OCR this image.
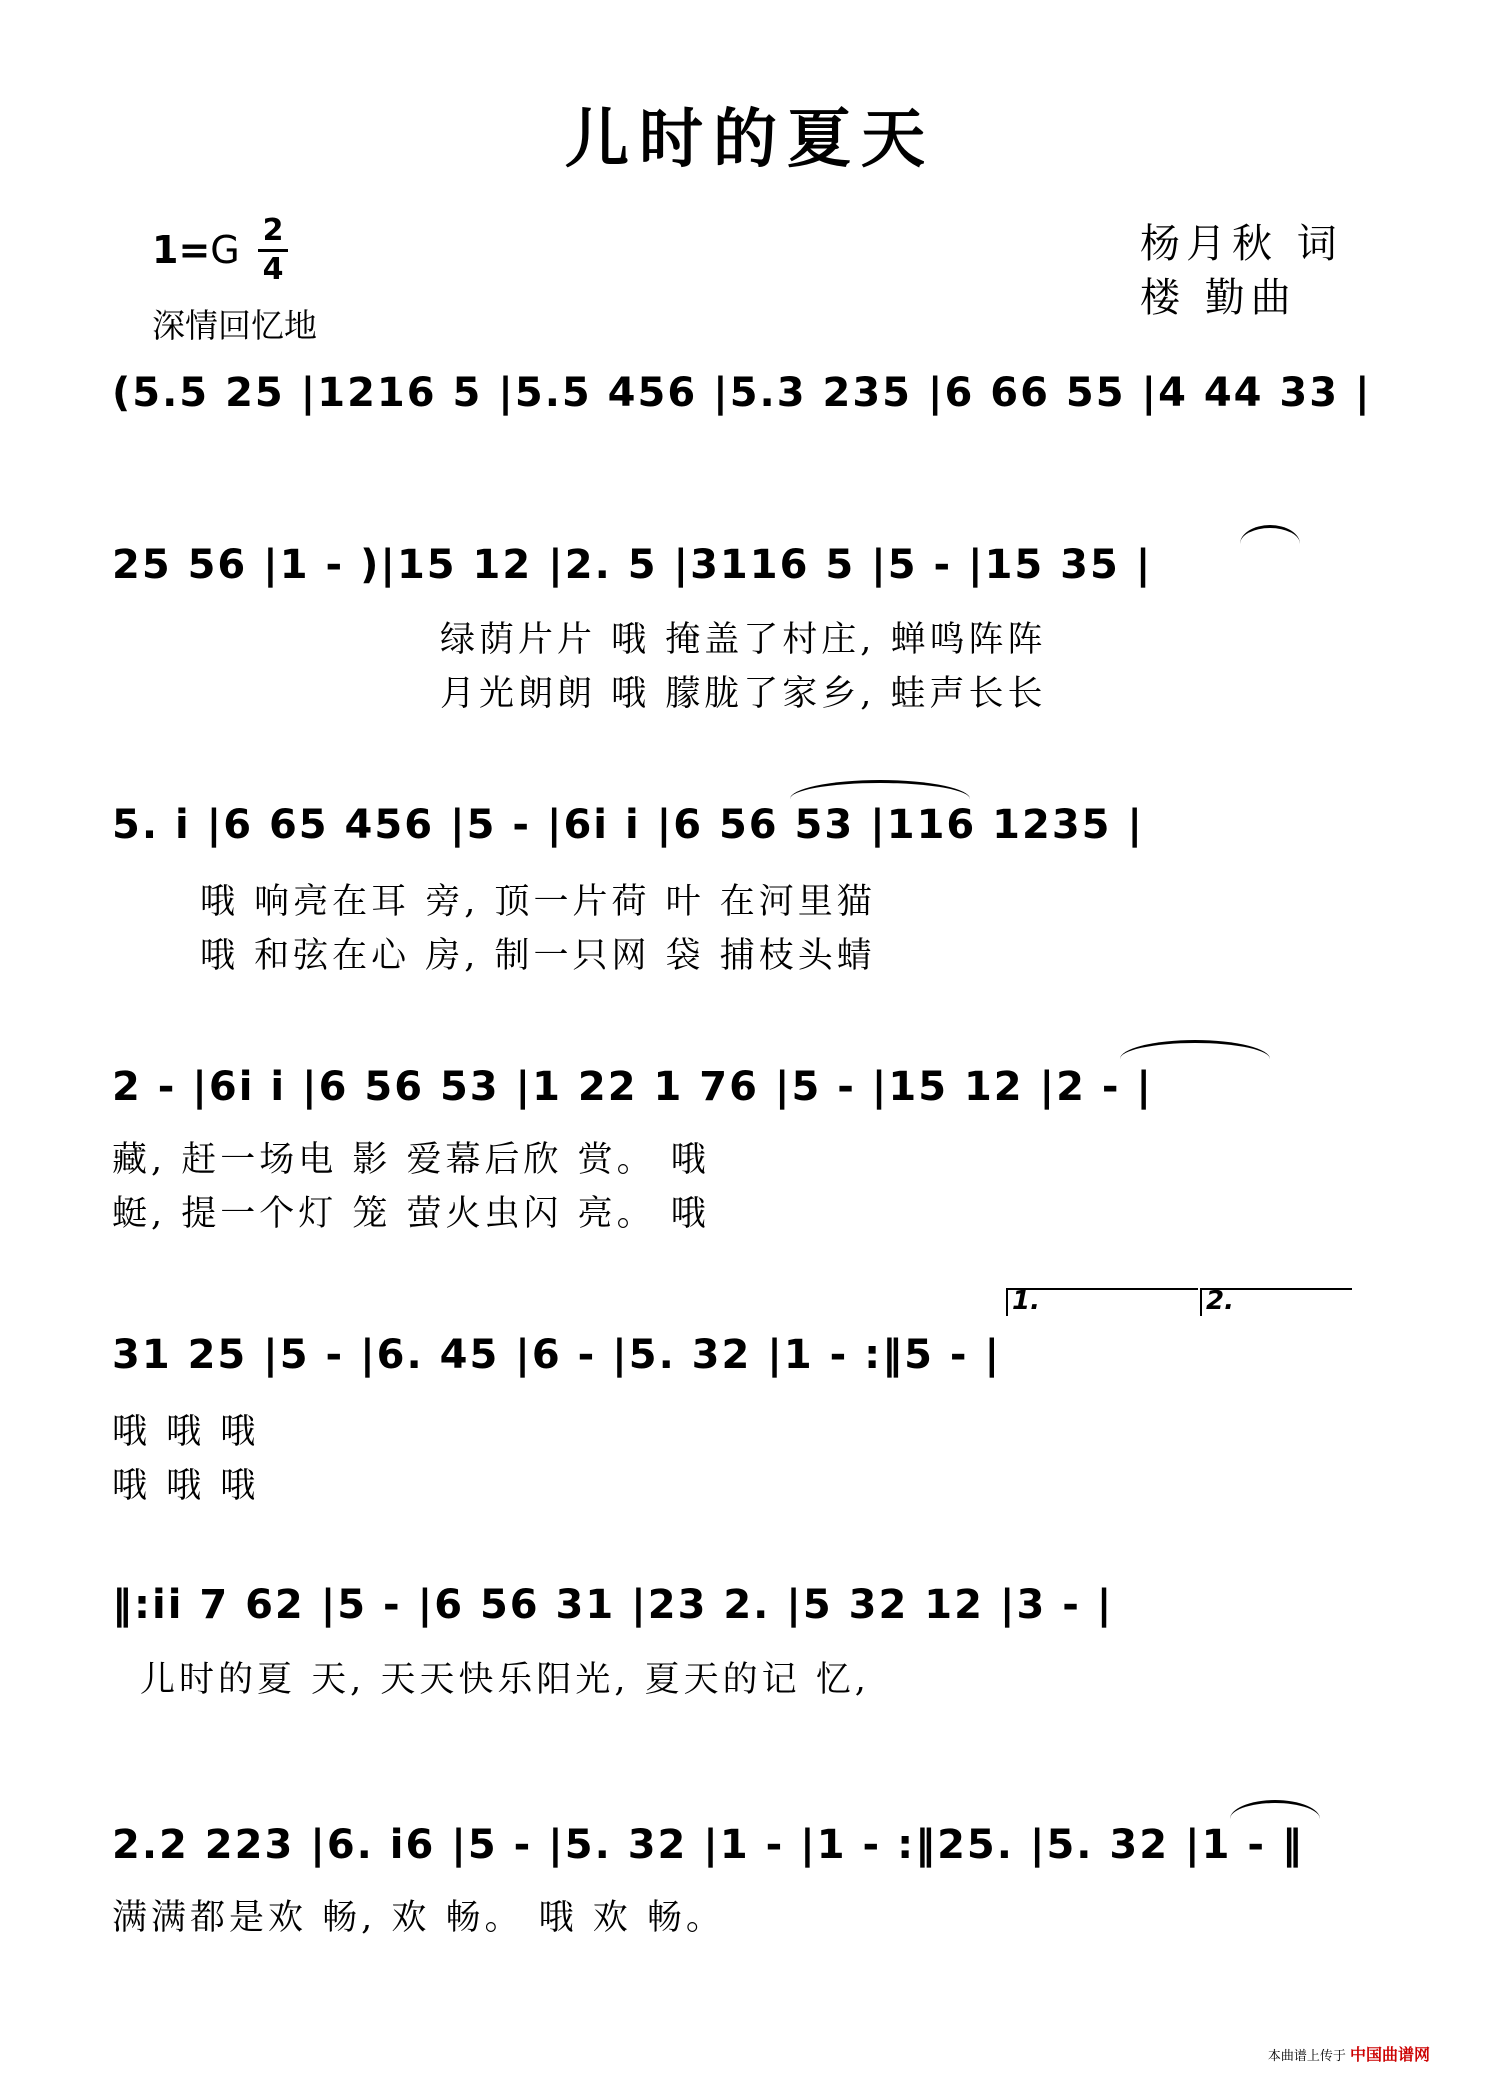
儿时的夏天
1=G 2
4
深情回忆地
杨月秋 词
楼 勤曲
(5.5 25 |1216 5 |5.5 456 |5.3 235 |6 66 55 |4 44 33 |
25 56 |1 - )|15 12 |2. 5 |3116 5 |5 - |15 35 |
绿荫片片 哦 掩盖了村庄, 蝉鸣阵阵
月光朗朗 哦 朦胧了家乡, 蛙声长长
5. i |6 65 456 |5 - |6i i |6 56 53 |116 1235 |
哦 响亮在耳 旁, 顶一片荷 叶 在河里猫
哦 和弦在心 房, 制一只网 袋 捕枝头蜻
2 - |6i i |6 56 53 |1 22 1 76 |5 - |15 12 |2 - |
藏, 赶一场电 影 爱幕后欣 赏。 哦
蜓, 提一个灯 笼 萤火虫闪 亮。 哦
1.	2.
31 25 |5 - |6. 45 |6 - |5. 32 |1 - :‖5 - |
哦 哦 哦
哦 哦 哦
‖:ii 7 62 |5 - |6 56 31 |23 2. |5 32 12 |3 - |
儿时的夏 天, 天天快乐阳光, 夏天的记 忆,
2.2 223 |6. i6 |5 - |5. 32 |1 - |1 - :‖25. |5. 32 |1 - ‖
满满都是欢 畅, 欢 畅。 哦 欢 畅。
本曲谱上传于 中国曲谱网
